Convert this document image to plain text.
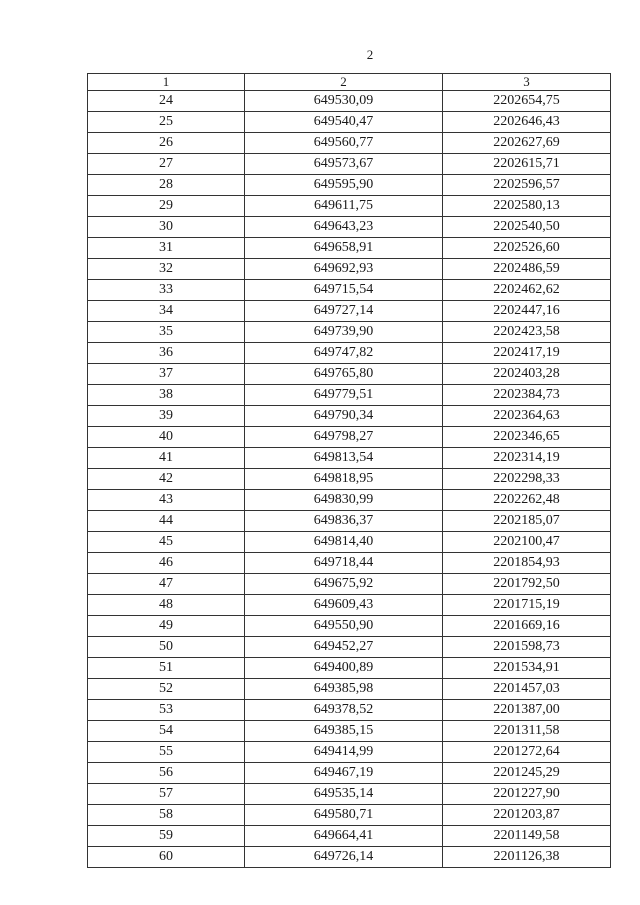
2
1	2	3
24	649530,09	2202654,75
25	649540,47	2202646,43
26	649560,77	2202627,69
27	649573,67	2202615,71
28	649595,90	2202596,57
29	649611,75	2202580,13
30	649643,23	2202540,50
31	649658,91	2202526,60
32	649692,93	2202486,59
33	649715,54	2202462,62
34	649727,14	2202447,16
35	649739,90	2202423,58
36	649747,82	2202417,19
37	649765,80	2202403,28
38	649779,51	2202384,73
39	649790,34	2202364,63
40	649798,27	2202346,65
41	649813,54	2202314,19
42	649818,95	2202298,33
43	649830,99	2202262,48
44	649836,37	2202185,07
45	649814,40	2202100,47
46	649718,44	2201854,93
47	649675,92	2201792,50
48	649609,43	2201715,19
49	649550,90	2201669,16
50	649452,27	2201598,73
51	649400,89	2201534,91
52	649385,98	2201457,03
53	649378,52	2201387,00
54	649385,15	2201311,58
55	649414,99	2201272,64
56	649467,19	2201245,29
57	649535,14	2201227,90
58	649580,71	2201203,87
59	649664,41	2201149,58
60	649726,14	2201126,38
